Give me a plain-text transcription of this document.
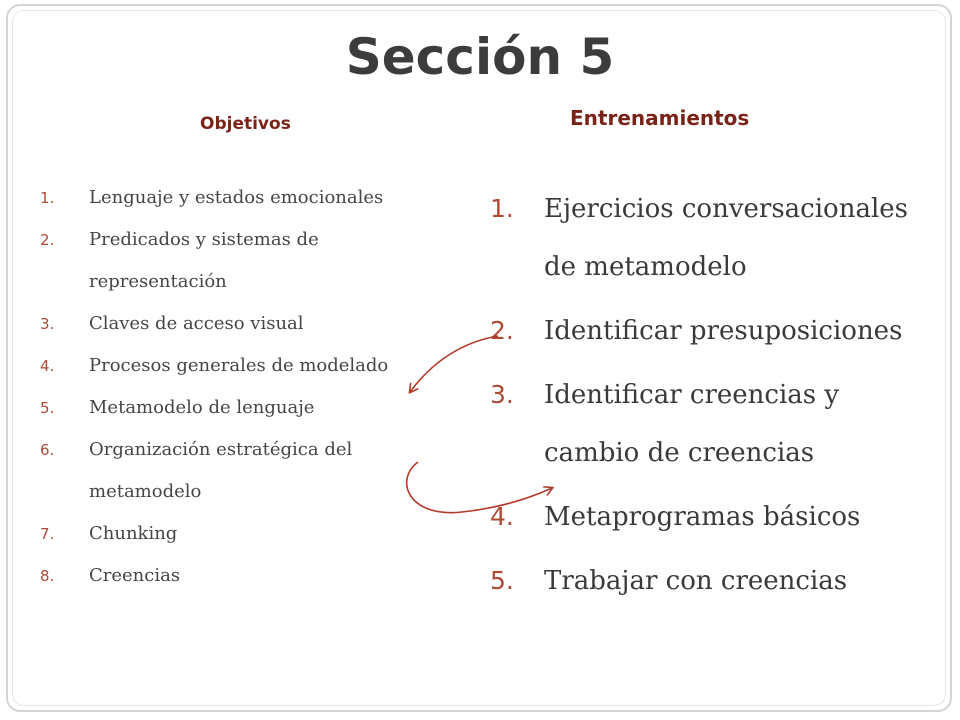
Sección 5
Objetivos	Entrenamientos
1. Lenguaje y estados emocionales
2. Predicados y sistemas de representación
3. Claves de acceso visual
4. Procesos generales de modelado
5. Metamodelo de lenguaje
6. Organización estratégica del metamodelo
7. Chunking
8. Creencias
1. Ejercicios conversacionales de metamodelo
2. Identificar presuposiciones
3. Identificar creencias y cambio de creencias
4. Metaprogramas básicos
5. Trabajar con creencias
